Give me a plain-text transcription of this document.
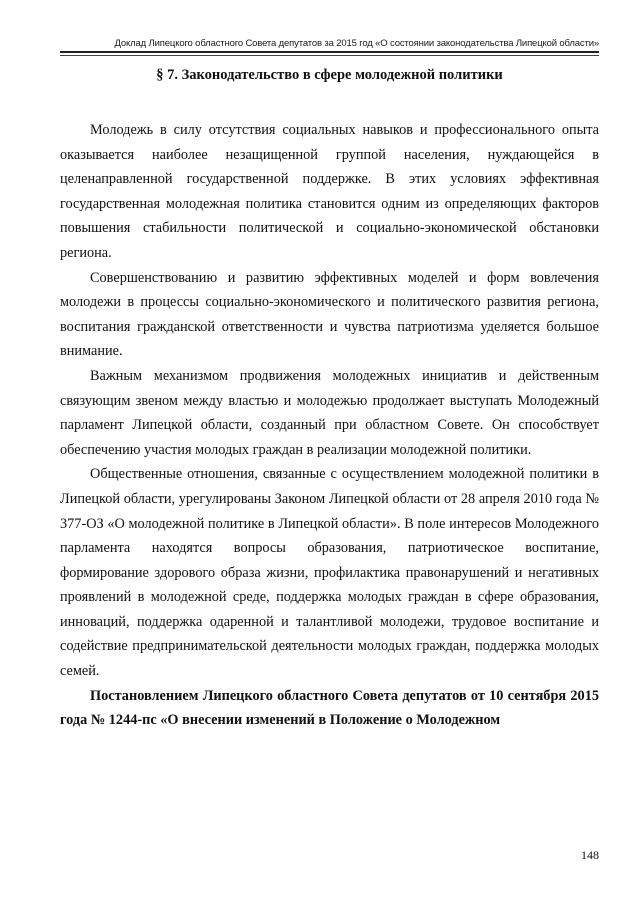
Доклад Липецкого областного Совета депутатов за 2015 год «О состоянии законодательства Липецкой области»
§ 7. Законодательство в сфере молодежной политики

Молодежь в силу отсутствия социальных навыков и профессионального опыта оказывается наиболее незащищенной группой населения, нуждающейся в целенаправленной государственной поддержке. В этих условиях эффективная государственная молодежная политика становится одним из определяющих факторов повышения стабильности политической и социально-экономической обстановки региона.

Совершенствованию и развитию эффективных моделей и форм вовлечения молодежи в процессы социально-экономического и политического развития региона, воспитания гражданской ответственности и чувства патриотизма уделяется большое внимание.

Важным механизмом продвижения молодежных инициатив и действенным связующим звеном между властью и молодежью продолжает выступать Молодежный парламент Липецкой области, созданный при областном Совете. Он способствует обеспечению участия молодых граждан в реализации молодежной политики.

Общественные отношения, связанные с осуществлением молодежной политики в Липецкой области, урегулированы Законом Липецкой области от 28 апреля 2010 года № 377-ОЗ «О молодежной политике в Липецкой области». В поле интересов Молодежного парламента находятся вопросы образования, патриотическое воспитание, формирование здорового образа жизни, профилактика правонарушений и негативных проявлений в молодежной среде, поддержка молодых граждан в сфере образования, инноваций, поддержка одаренной и талантливой молодежи, трудовое воспитание и содействие предпринимательской деятельности молодых граждан, поддержка молодых семей.

Постановлением Липецкого областного Совета депутатов от 10 сентября 2015 года № 1244-пс «О внесении изменений в Положение о Молодежном

148
